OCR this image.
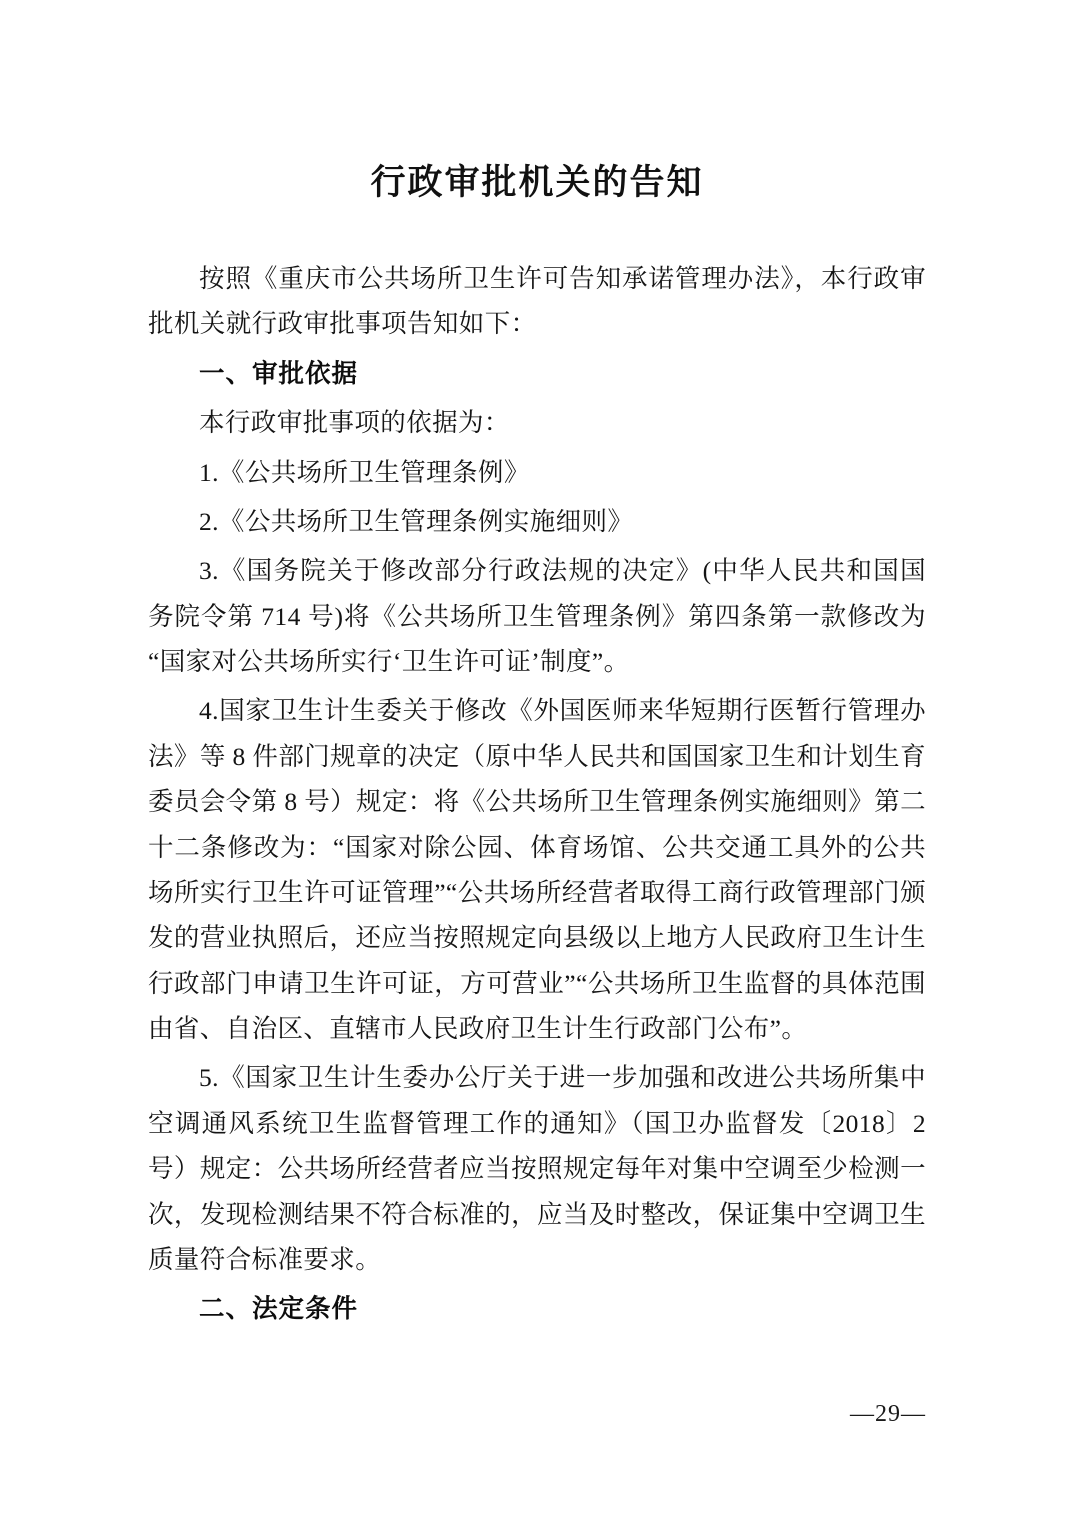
行政审批机关的告知

按照《重庆市公共场所卫生许可告知承诺管理办法》，本行政审批机关就行政审批事项告知如下：

一、审批依据

本行政审批事项的依据为：

1.《公共场所卫生管理条例》

2.《公共场所卫生管理条例实施细则》

3.《国务院关于修改部分行政法规的决定》(中华人民共和国国务院令第 714 号)将《公共场所卫生管理条例》第四条第一款修改为“国家对公共场所实行‘卫生许可证’制度”。

4.国家卫生计生委关于修改《外国医师来华短期行医暂行管理办法》等 8 件部门规章的决定（原中华人民共和国国家卫生和计划生育委员会令第 8 号）规定：将《公共场所卫生管理条例实施细则》第二十二条修改为：“国家对除公园、体育场馆、公共交通工具外的公共场所实行卫生许可证管理”“公共场所经营者取得工商行政管理部门颁发的营业执照后，还应当按照规定向县级以上地方人民政府卫生计生行政部门申请卫生许可证，方可营业”“公共场所卫生监督的具体范围由省、自治区、直辖市人民政府卫生计生行政部门公布”。

5.《国家卫生计生委办公厅关于进一步加强和改进公共场所集中空调通风系统卫生监督管理工作的通知》（国卫办监督发〔2018〕2 号）规定：公共场所经营者应当按照规定每年对集中空调至少检测一次，发现检测结果不符合标准的，应当及时整改，保证集中空调卫生质量符合标准要求。

二、法定条件

—29—
